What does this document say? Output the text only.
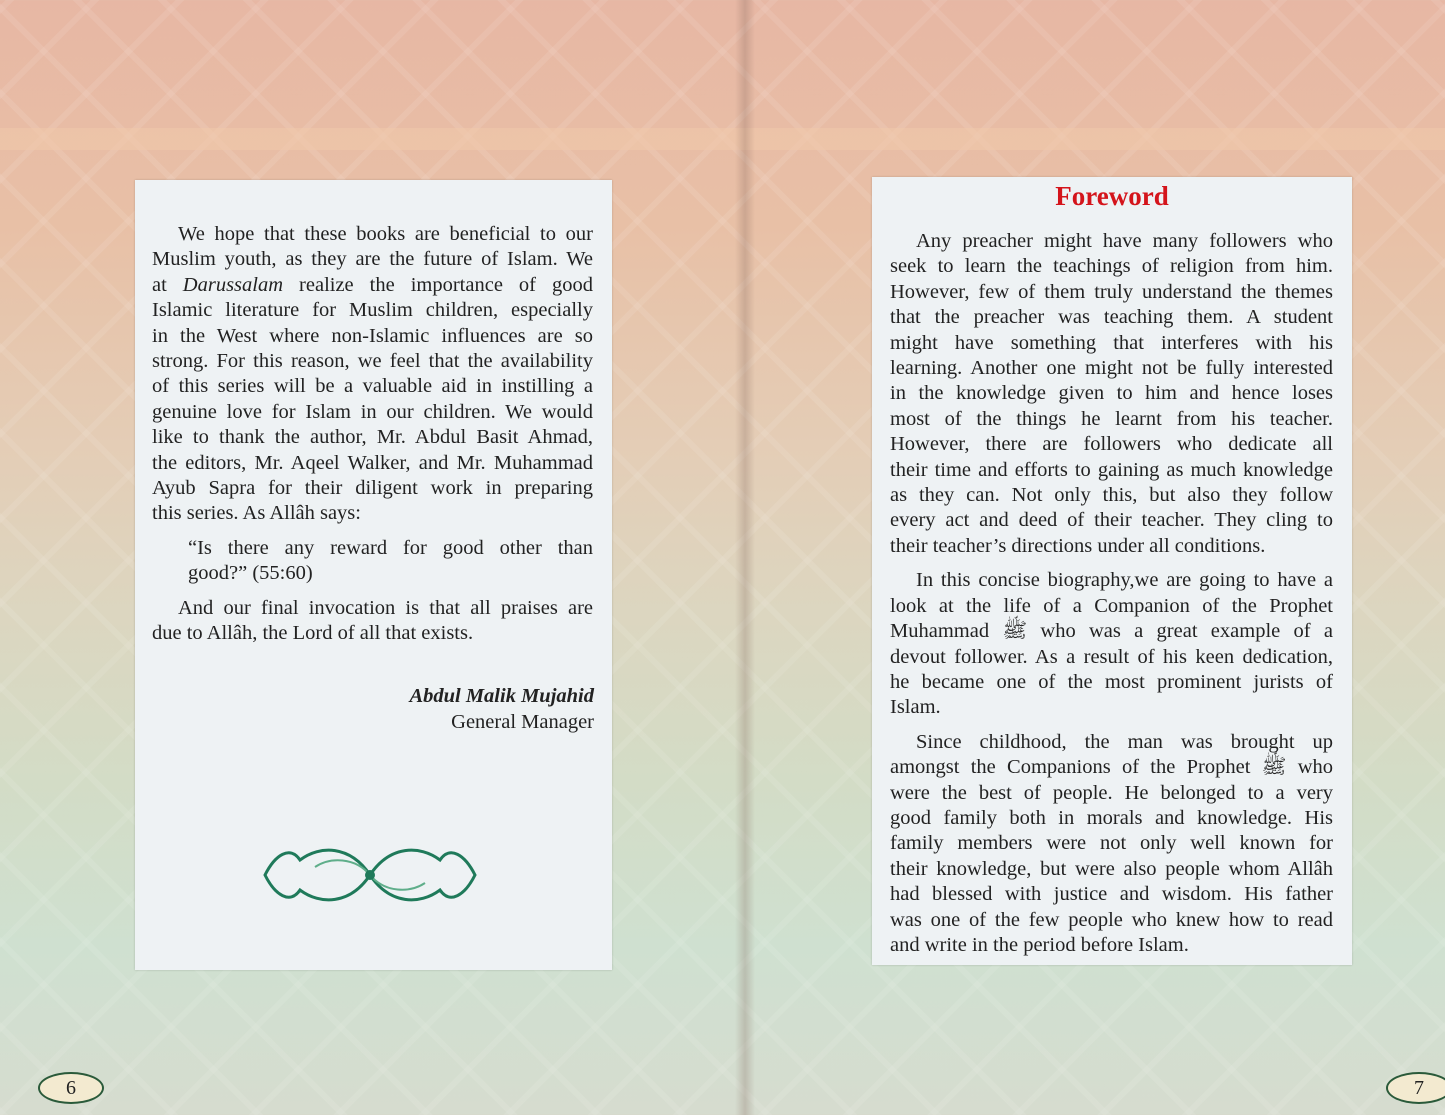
We hope that these books are beneficial to our
Muslim youth, as they are the future of Islam. We
at Darussalam realize the importance of good
Islamic literature for Muslim children, especially
in the West where non-Islamic influences are so
strong. For this reason, we feel that the availability
of this series will be a valuable aid in instilling a
genuine love for Islam in our children. We would
like to thank the author, Mr. Abdul Basit Ahmad,
the editors, Mr. Aqeel Walker, and Mr. Muhammad
Ayub Sapra for their diligent work in preparing
this series. As Allâh says:
“Is there any reward for good other than
good?” (55:60)
And our final invocation is that all praises are
due to Allâh, the Lord of all that exists.
Abdul Malik Mujahid
General Manager
Foreword
Any preacher might have many followers who
seek to learn the teachings of religion from him.
However, few of them truly understand the themes
that the preacher was teaching them. A student
might have something that interferes with his
learning. Another one might not be fully interested
in the knowledge given to him and hence loses
most of the things he learnt from his teacher.
However, there are followers who dedicate all
their time and efforts to gaining as much knowledge
as they can. Not only this, but also they follow
every act and deed of their teacher. They cling to
their teacher’s directions under all conditions.
In this concise biography,we are going to have a
look at the life of a Companion of the Prophet
Muhammad ﷺ who was a great example of a
devout follower. As a result of his keen dedication,
he became one of the most prominent jurists of
Islam.
Since childhood, the man was brought up
amongst the Companions of the Prophet ﷺ who
were the best of people. He belonged to a very
good family both in morals and knowledge. His
family members were not only well known for
their knowledge, but were also people whom Allâh
had blessed with justice and wisdom. His father
was one of the few people who knew how to read
and write in the period before Islam.
6	7
